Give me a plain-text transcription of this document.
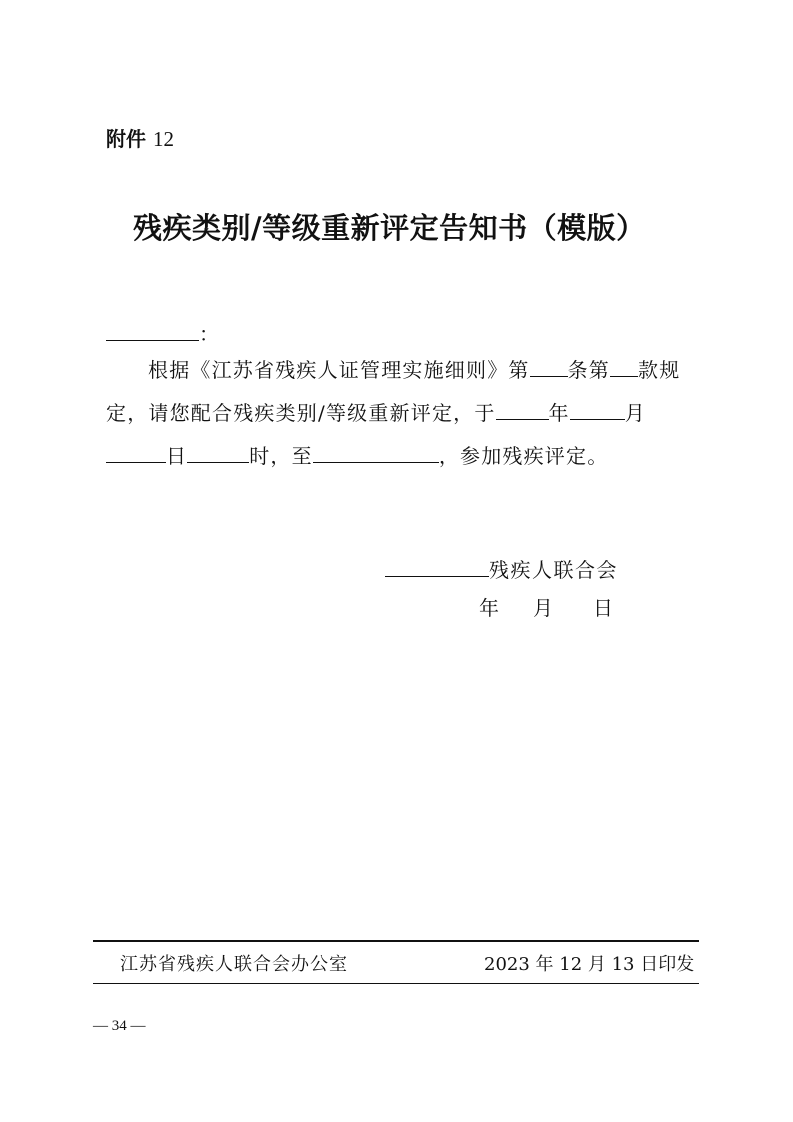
附件 12
残疾类别/等级重新评定告知书（模版）
：
根据《江苏省残疾人证管理实施细则》第 条第 款规
定，请您配合残疾类别/等级重新评定，于	年	月
日	时，至	，参加残疾评定。
残疾人联合会
年 月 日
江苏省残疾人联合会办公室	2023 年 12 月 13 日印发
— 34 —
